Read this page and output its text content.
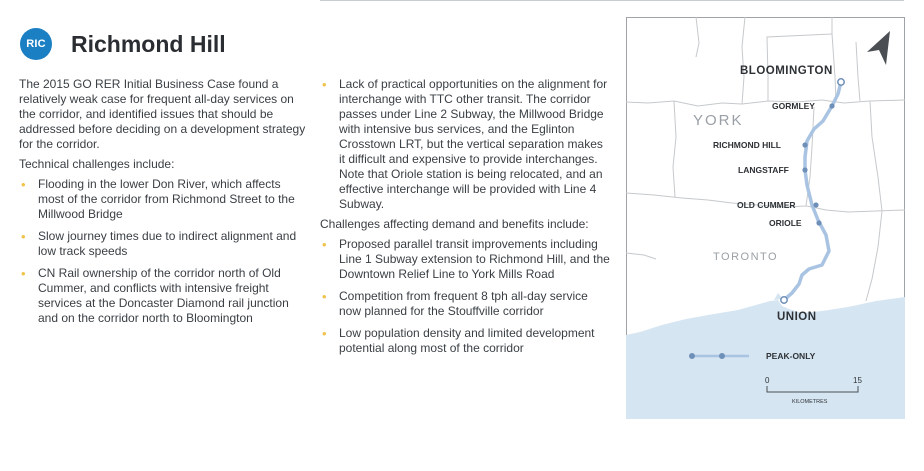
RIC Richmond Hill

The 2015 GO RER Initial Business Case found a relatively weak case for frequent all-day services on the corridor, and identified issues that should be addressed before deciding on a development strategy for the corridor.

Technical challenges include:

• Flooding in the lower Don River, which affects most of the corridor from Richmond Street to the Millwood Bridge
• Slow journey times due to indirect alignment and low track speeds
• CN Rail ownership of the corridor north of Old Cummer, and conflicts with intensive freight services at the Doncaster Diamond rail junction and on the corridor north to Bloomington
• Lack of practical opportunities on the alignment for interchange with TTC other transit. The corridor passes under Line 2 Subway, the Millwood Bridge with intensive bus services, and the Eglinton Crosstown LRT, but the vertical separation makes it difficult and expensive to provide interchanges. Note that Oriole station is being relocated, and an effective interchange will be provided with Line 4 Subway.

Challenges affecting demand and benefits include:

• Proposed parallel transit improvements including Line 1 Subway extension to Richmond Hill, and the Downtown Relief Line to York Mills Road
• Competition from frequent 8 tph all-day service now planned for the Stouffville corridor
• Low population density and limited development potential along most of the corridor
YORK
TORONTO
BLOOMINGTON
GORMLEY
RICHMOND HILL
LANGSTAFF
OLD CUMMER
ORIOLE
UNION
PEAK-ONLY
0	15
KILOMETRES
